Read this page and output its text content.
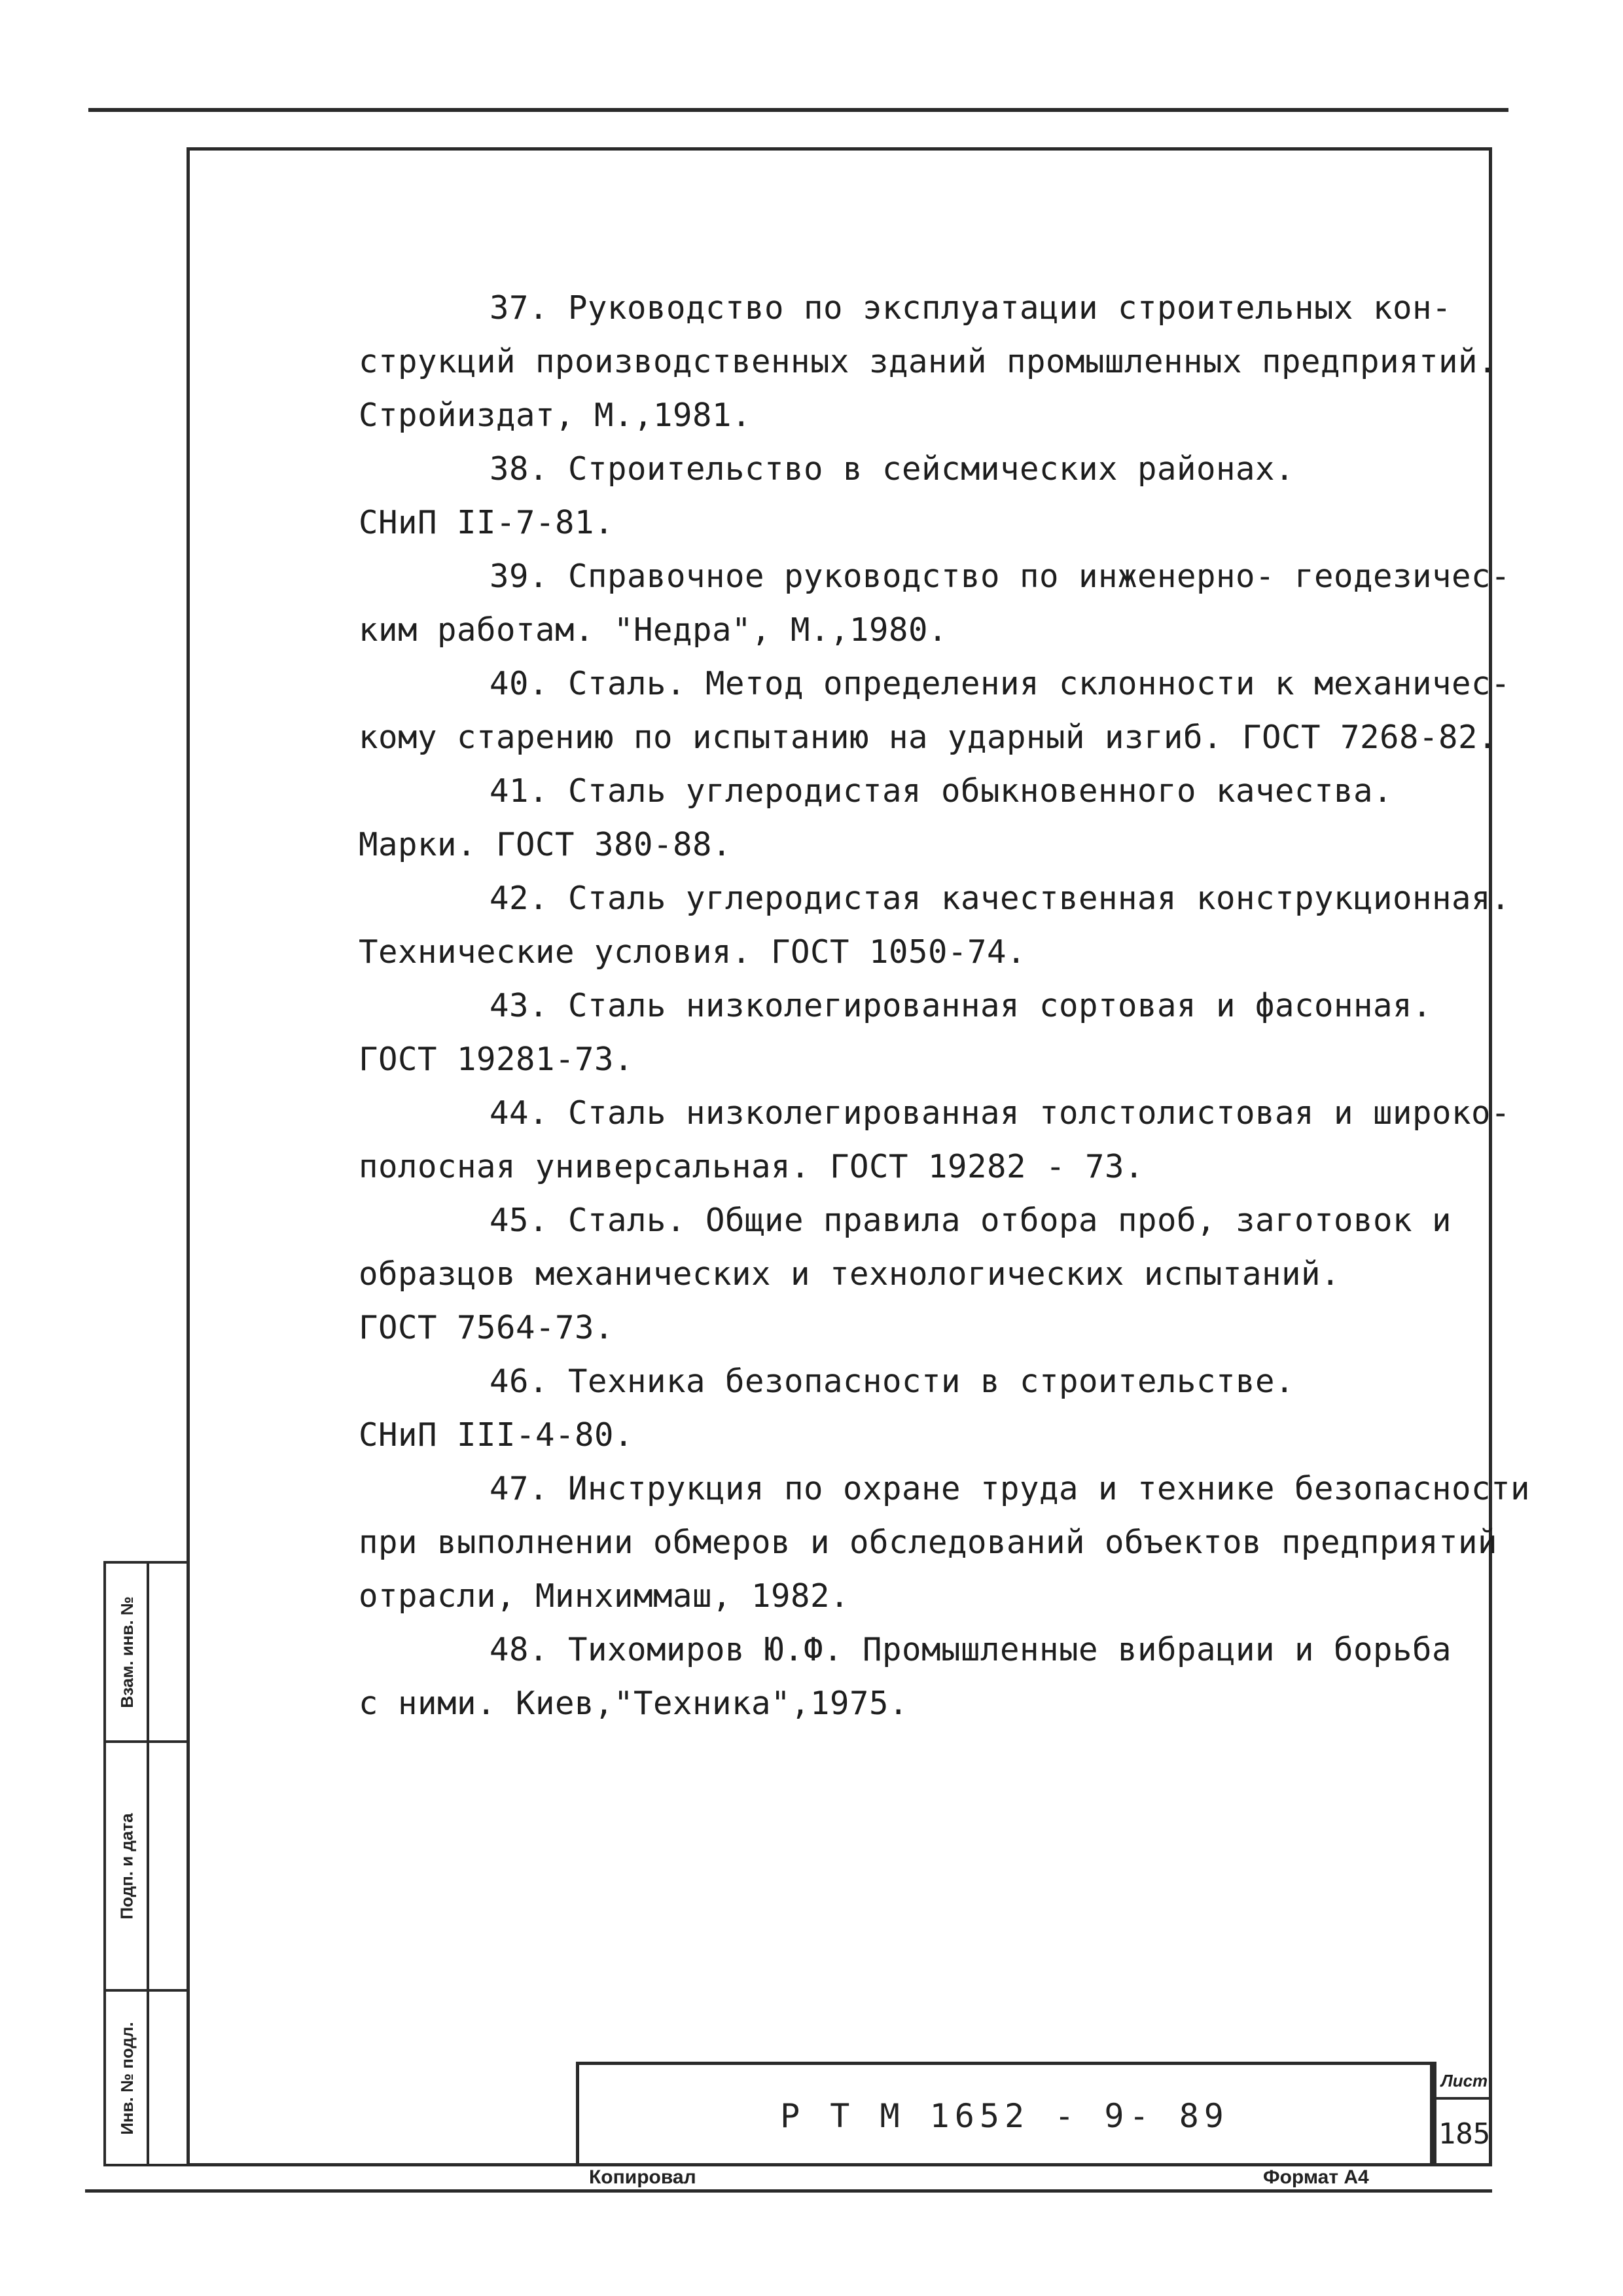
Взам. инв. №
Подп. и дата
Инв. № подл.
37. Руководство по эксплуатации строительных кон-
струкций производственных зданий промышленных предприятий.
Стройиздат, М.,1981.
38. Строительство в сейсмических районах.
СНиП II-7-81.
39. Справочное руководство по инженерно- геодезичес-
ким работам. "Недра", М.,1980.
40. Сталь. Метод определения склонности к механичес-
кому старению по испытанию на ударный изгиб. ГОСТ 7268-82.
41. Сталь углеродистая обыкновенного качества.
Марки. ГОСТ 380-88.
42. Сталь углеродистая качественная конструкционная.
Технические условия. ГОСТ 1050-74.
43. Сталь низколегированная сортовая и фасонная.
ГОСТ 19281-73.
44. Сталь низколегированная толстолистовая и широко-
полосная универсальная. ГОСТ 19282 - 73.
45. Сталь. Общие правила отбора проб, заготовок и
образцов механических и технологических испытаний.
ГОСТ 7564-73.
46. Техника безопасности в строительстве.
СНиП III-4-80.
47. Инструкция по охране труда и технике безопасности
при выполнении обмеров и обследований объектов предприятий
отрасли, Минхиммаш, 1982.
48. Тихомиров Ю.Ф. Промышленные вибрации и борьба
с ними. Киев,"Техника",1975.
Р Т М 1652 - 9- 89
Лист
185
Копировал	Формат А4
